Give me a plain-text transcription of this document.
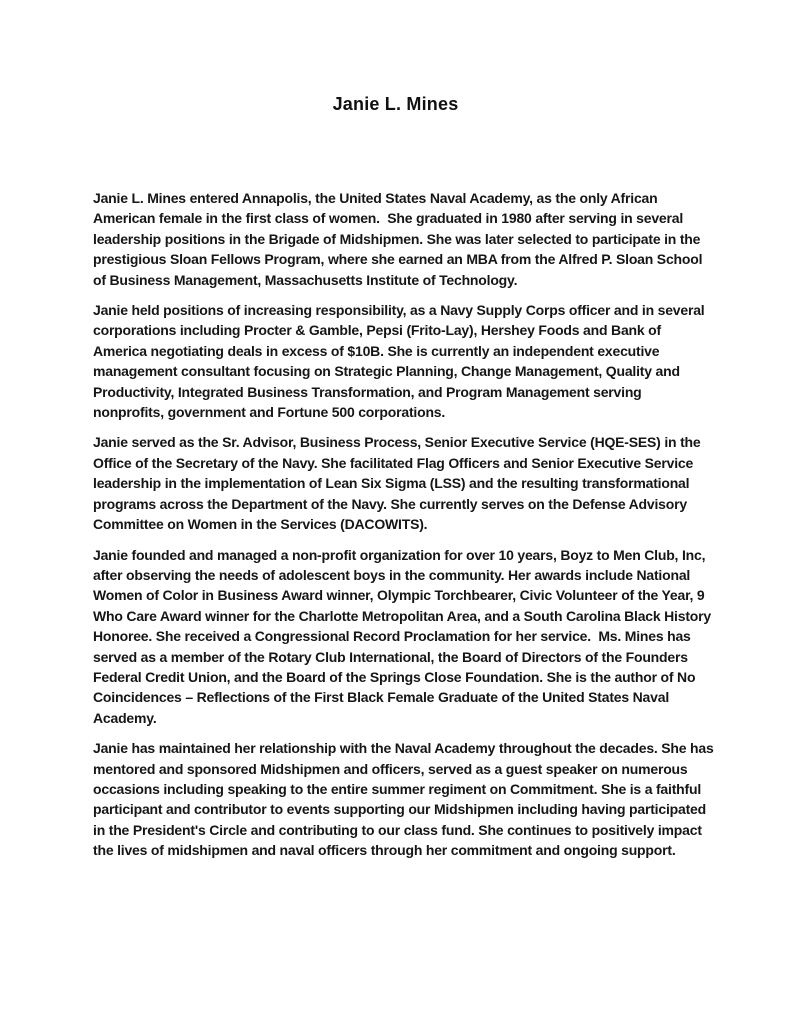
Janie L. Mines

Janie L. Mines entered Annapolis, the United States Naval Academy, as the only African American female in the first class of women.  She graduated in 1980 after serving in several leadership positions in the Brigade of Midshipmen. She was later selected to participate in the prestigious Sloan Fellows Program, where she earned an MBA from the Alfred P. Sloan School of Business Management, Massachusetts Institute of Technology.

Janie held positions of increasing responsibility, as a Navy Supply Corps officer and in several corporations including Procter & Gamble, Pepsi (Frito-Lay), Hershey Foods and Bank of America negotiating deals in excess of $10B. She is currently an independent executive management consultant focusing on Strategic Planning, Change Management, Quality and Productivity, Integrated Business Transformation, and Program Management serving nonprofits, government and Fortune 500 corporations.

Janie served as the Sr. Advisor, Business Process, Senior Executive Service (HQE-SES) in the Office of the Secretary of the Navy. She facilitated Flag Officers and Senior Executive Service leadership in the implementation of Lean Six Sigma (LSS) and the resulting transformational programs across the Department of the Navy. She currently serves on the Defense Advisory Committee on Women in the Services (DACOWITS).

Janie founded and managed a non-profit organization for over 10 years, Boyz to Men Club, Inc, after observing the needs of adolescent boys in the community. Her awards include National Women of Color in Business Award winner, Olympic Torchbearer, Civic Volunteer of the Year, 9 Who Care Award winner for the Charlotte Metropolitan Area, and a South Carolina Black History Honoree. She received a Congressional Record Proclamation for her service.  Ms. Mines has served as a member of the Rotary Club International, the Board of Directors of the Founders Federal Credit Union, and the Board of the Springs Close Foundation. She is the author of No Coincidences – Reflections of the First Black Female Graduate of the United States Naval Academy.

Janie has maintained her relationship with the Naval Academy throughout the decades. She has mentored and sponsored Midshipmen and officers, served as a guest speaker on numerous occasions including speaking to the entire summer regiment on Commitment. She is a faithful participant and contributor to events supporting our Midshipmen including having participated in the President's Circle and contributing to our class fund. She continues to positively impact the lives of midshipmen and naval officers through her commitment and ongoing support.
